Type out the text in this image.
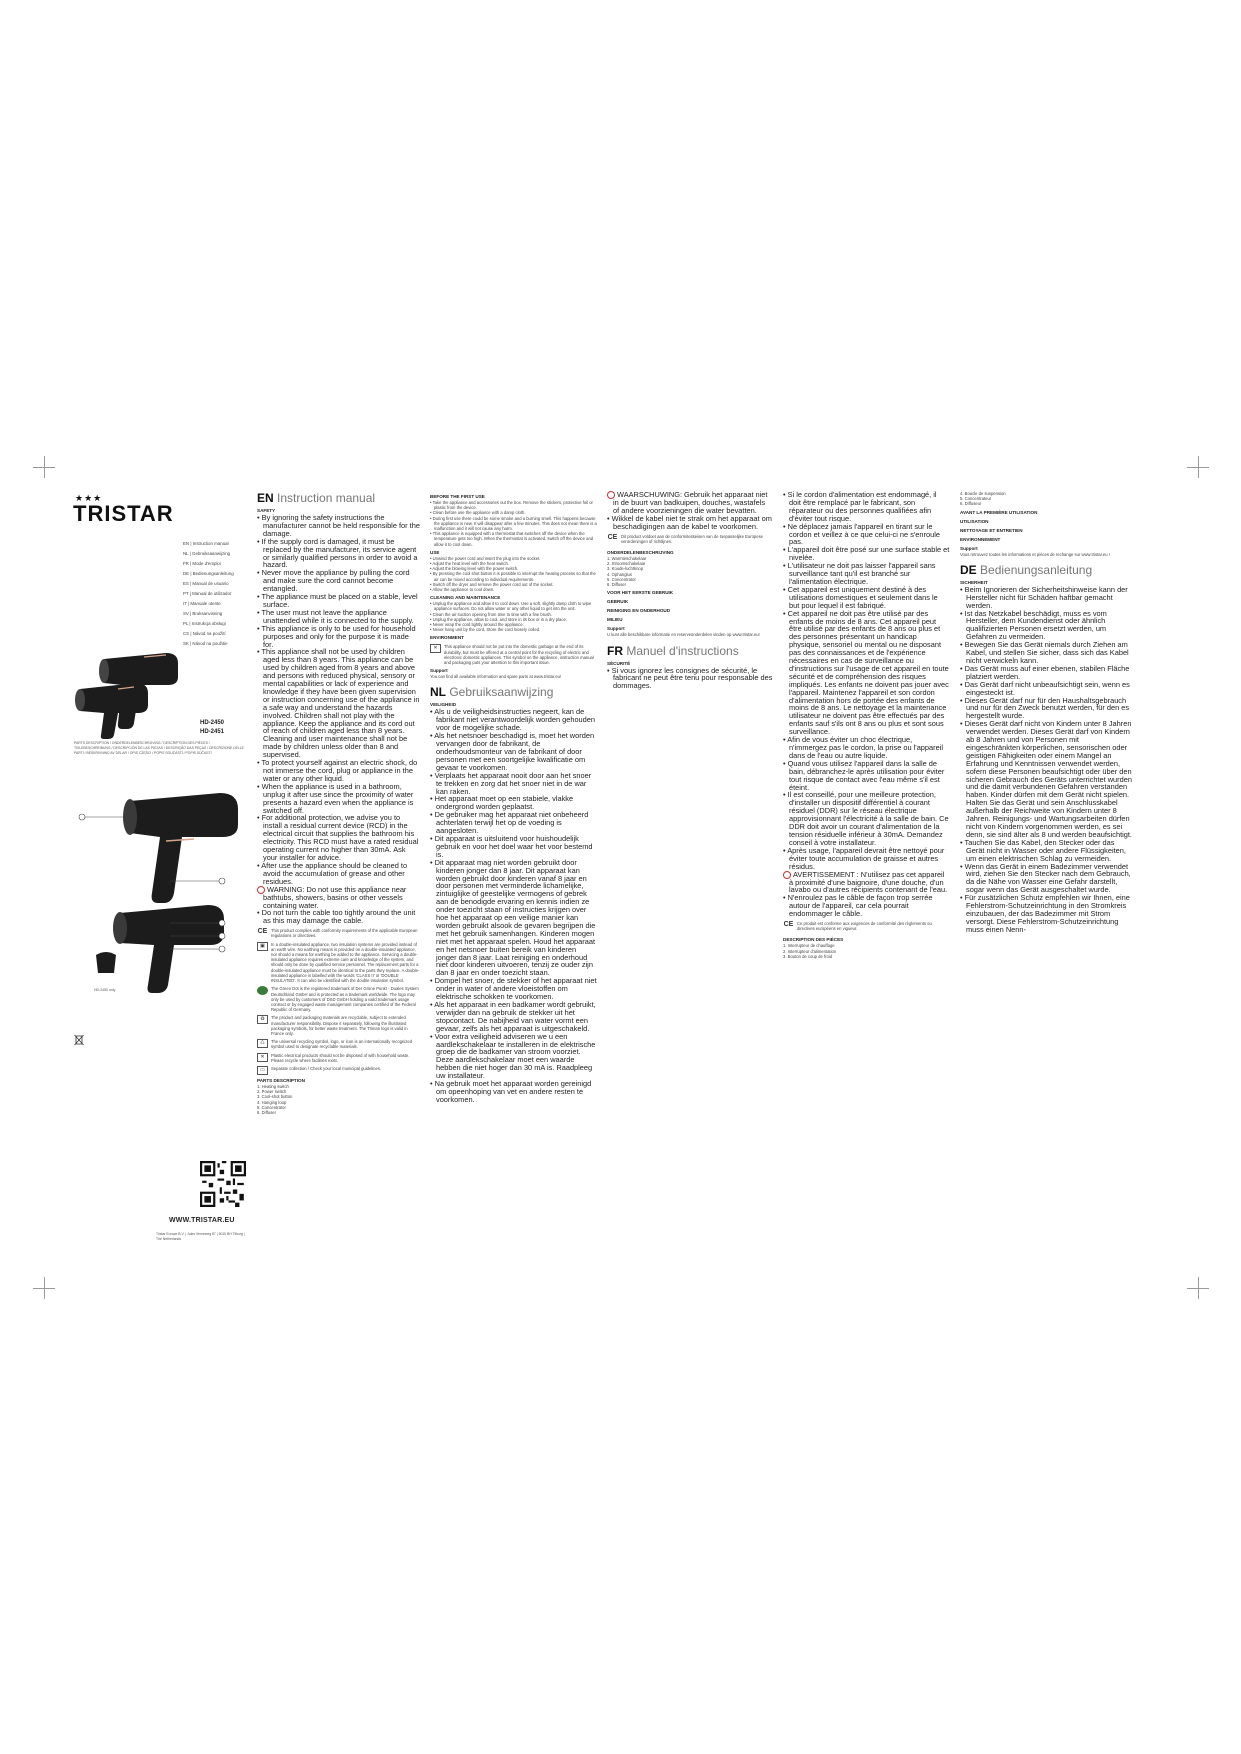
★★★
TRISTAR
EN | Instruction manual
NL | Gebruiksaanwijzing
FR | Mode d'emploi
DE | Bedienungsanleitung
ES | Manual de usuario
PT | Manual de utilizador
IT | Manuale utente
SV | Bruksanvisning
PL | Instrukcja obsługi
CS | Návod na použití
SK | Návod na použitie
HD-2450
HD-2451
PARTS DESCRIPTION / ONDERDELENBESCHRIJVING / DESCRIPTION DES PIÈCES / TEILEBESCHREIBUNG / DESCRIPCIÓN DE LAS PIEZAS / DESCRIÇÃO DAS PEÇAS / DESCRIZIONE DELLE PARTI / BESKRIVNING AV DELAR / OPIS CZĘŚCI / POPIS SOUČÁSTÍ / POPIS SÚČASTÍ
HD-2450 only
WWW.TRISTAR.EU
Tristar Europe B.V. | Jules Verneweg 87 | 5015 BH Tilburg | The Netherlands
EN Instruction manual
SAFETY
• By ignoring the safety instructions the manufacturer cannot be held responsible for the damage.
• If the supply cord is damaged, it must be replaced by the manufacturer, its service agent or similarly qualified persons in order to avoid a hazard.
• Never move the appliance by pulling the cord and make sure the cord cannot become entangled.
• The appliance must be placed on a stable, level surface.
• The user must not leave the appliance unattended while it is connected to the supply.
• This appliance is only to be used for household purposes and only for the purpose it is made for.
• This appliance shall not be used by children aged less than 8 years. This appliance can be used by children aged from 8 years and above and persons with reduced physical, sensory or mental capabilities or lack of experience and knowledge if they have been given supervision or instruction concerning use of the appliance in a safe way and understand the hazards involved. Children shall not play with the appliance. Keep the appliance and its cord out of reach of children aged less than 8 years. Cleaning and user maintenance shall not be made by children unless older than 8 and supervised.
• To protect yourself against an electric shock, do not immerse the cord, plug or appliance in the water or any other liquid.
• When the appliance is used in a bathroom, unplug it after use since the proximity of water presents a hazard even when the appliance is switched off.
• For additional protection, we advise you to install a residual current device (RCD) in the electrical circuit that supplies the bathroom his electricity. This RCD must have a rated residual operating current no higher than 30mA. Ask your installer for advice.
• After use the appliance should be cleaned to avoid the accumulation of grease and other residues.
WARNING: Do not use this appliance near bathtubs, showers, basins or other vessels containing water.
• Do not turn the cable too tightly around the unit as this may damage the cable.
CE This product complies with conformity requirements of the applicable European regulations or directives.
▣	In a double-insulated appliance, two insulation systems are provided instead of an earth wire. No earthing means is provided on a double-insulated appliance, nor should a means for earthing be added to the appliance. Servicing a double-insulated appliance requires extreme care and knowledge of the system, and should only be done by qualified service personnel. The replacement parts for a double-insulated appliance must be identical to the parts they replace. A double-insulated appliance is labelled with the words 'CLASS II' or 'DOUBLE INSULATED'. It can also be identified with the double insulation symbol.
The Green Dot is the registered trademark of Der Grüne Punkt - Duales System Deutschland GmbH and is protected as a trademark worldwide. The logo may only be used by customers of DSD GmbH holding a valid trademark usage contract or by engaged waste management companies certified of the Federal Republic of Germany.
♻	The product and packaging materials are recyclable, subject to extended manufacturer responsibility. Dispose it separately, following the illustrated packaging symbols, for better waste treatment. The Triman logo is valid in France only.
♺	The universal recycling symbol, logo, or icon is an internationally recognized symbol used to designate recyclable materials.
✕	Plastic electrical products should not be disposed of with household waste. Please recycle where facilities exist.
▭	Separate collection / Check your local municipal guidelines.
PARTS DESCRIPTION
1. Heating switch
2. Power switch
3. Cool-shot button
4. Hanging loop
5. Concentrator
6. Diffuser
BEFORE THE FIRST USE
• Take the appliance and accessories out the box. Remove the stickers, protective foil or plastic from the device.
• Clean before use the appliance with a damp cloth.
• During first use there could be some smoke and a burning smell. This happens because the appliance is new. It will disappear after a few minutes. This does not mean there is a malfunction and it will not cause any harm.
• This appliance is equipped with a thermostat that switches off the device when the temperature gets too high. When the thermostat is activated, switch off the device and allow it to cool down.
USE
• Unwind the power cord and insert the plug into the socket.
• Adjust the heat level with the heat switch.
• Adjust the blowing level with the power switch.
• By pressing the cool shot button it is possible to interrupt the heating process so that the air can be mixed according to individual requirements.
• Switch off the dryer and remove the power cord out of the socket.
• Allow the appliance to cool down.
CLEANING AND MAINTENANCE
• Unplug the appliance and allow it to cool down. Use a soft, slightly damp cloth to wipe appliance surfaces. Do not allow water or any other liquid to get into the unit.
• Clean the air suction opening from time to time with a fine brush.
• Unplug the appliance, allow to cool, and store in its box or in a dry place.
• Never wrap the cord tightly around the appliance.
• Never hang unit by the cord. Store the cord loosely coiled.
ENVIRONMENT
✕	This appliance should not be put into the domestic garbage at the end of its durability, but must be offered at a central point for the recycling of electric and electronic domestic appliances. This symbol on the appliance, instruction manual and packaging puts your attention to this important issue.
Support
You can find all available information and spare parts at www.tristar.eu!
NL Gebruiksaanwijzing
VEILIGHEID
• Als u de veiligheidsinstructies negeert, kan de fabrikant niet verantwoordelijk worden gehouden voor de mogelijke schade.
• Als het netsnoer beschadigd is, moet het worden vervangen door de fabrikant, de onderhoudsmonteur van de fabrikant of door personen met een soortgelijke kwalificatie om gevaar te voorkomen.
• Verplaats het apparaat nooit door aan het snoer te trekken en zorg dat het snoer niet in de war kan raken.
• Het apparaat moet op een stabiele, vlakke ondergrond worden geplaatst.
• De gebruiker mag het apparaat niet onbeheerd achterlaten terwijl het op de voeding is aangesloten.
• Dit apparaat is uitsluitend voor huishoudelijk gebruik en voor het doel waar het voor bestemd is.
• Dit apparaat mag niet worden gebruikt door kinderen jonger dan 8 jaar. Dit apparaat kan worden gebruikt door kinderen vanaf 8 jaar en door personen met verminderde lichamelijke, zintuiglijke of geestelijke vermogens of gebrek aan de benodigde ervaring en kennis indien ze onder toezicht staan of instructies krijgen over hoe het apparaat op een veilige manier kan worden gebruikt alsook de gevaren begrijpen die met het gebruik samenhangen. Kinderen mogen niet met het apparaat spelen. Houd het apparaat en het netsnoer buiten bereik van kinderen jonger dan 8 jaar. Laat reiniging en onderhoud niet door kinderen uitvoeren, tenzij ze ouder zijn dan 8 jaar en onder toezicht staan.
• Dompel het snoer, de stekker of het apparaat niet onder in water of andere vloeistoffen om elektrische schokken te voorkomen.
• Als het apparaat in een badkamer wordt gebruikt, verwijder dan na gebruik de stekker uit het stopcontact. De nabijheid van water vormt een gevaar, zelfs als het apparaat is uitgeschakeld.
• Voor extra veiligheid adviseren we u een aardlekschakelaar te installeren in de elektrische groep die de badkamer van stroom voorziet. Deze aardlekschakelaar moet een waarde hebben die niet hoger dan 30 mA is. Raadpleeg uw installateur.
• Na gebruik moet het apparaat worden gereinigd om opeenhoping van vet en andere resten te voorkomen.
WAARSCHUWING: Gebruik het apparaat niet in de buurt van badkuipen, douches, wastafels of andere voorzieningen die water bevatten.
• Wikkel de kabel niet te strak om het apparaat om beschadigingen aan de kabel te voorkomen.
CE Dit product voldoet aan de conformiteitseisen van de toepasselijke Europese verordeningen of richtlijnen.
ONDERDELENBESCHRIJVING
1. Warmteschakelaar
2. Stroomschakelaar
3. Koude-luchtknop
4. Ophanglus
5. Concentrator
6. Diffuser
VOOR HET EERSTE GEBRUIK
GEBRUIK
REINIGING EN ONDERHOUD
MILIEU
Support
U kunt alle beschikbare informatie en reserveonderdelen vinden op www.tristar.eu!
FR Manuel d'instructions
SÉCURITÉ
• Si vous ignorez les consignes de sécurité, le fabricant ne peut être tenu pour responsable des dommages.
• Si le cordon d'alimentation est endommagé, il doit être remplacé par le fabricant, son réparateur ou des personnes qualifiées afin d'éviter tout risque.
• Ne déplacez jamais l'appareil en tirant sur le cordon et veillez à ce que celui-ci ne s'enroule pas.
• L'appareil doit être posé sur une surface stable et nivelée.
• L'utilisateur ne doit pas laisser l'appareil sans surveillance tant qu'il est branché sur l'alimentation électrique.
• Cet appareil est uniquement destiné à des utilisations domestiques et seulement dans le but pour lequel il est fabriqué.
• Cet appareil ne doit pas être utilisé par des enfants de moins de 8 ans. Cet appareil peut être utilisé par des enfants de 8 ans ou plus et des personnes présentant un handicap physique, sensoriel ou mental ou ne disposant pas des connaissances et de l'expérience nécessaires en cas de surveillance ou d'instructions sur l'usage de cet appareil en toute sécurité et de compréhension des risques impliqués. Les enfants ne doivent pas jouer avec l'appareil. Maintenez l'appareil et son cordon d'alimentation hors de portée des enfants de moins de 8 ans. Le nettoyage et la maintenance utilisateur ne doivent pas être effectués par des enfants sauf s'ils ont 8 ans ou plus et sont sous surveillance.
• Afin de vous éviter un choc électrique, n'immergez pas le cordon, la prise ou l'appareil dans de l'eau ou autre liquide.
• Quand vous utilisez l'appareil dans la salle de bain, débranchez-le après utilisation pour éviter tout risque de contact avec l'eau même s'il est éteint.
• Il est conseillé, pour une meilleure protection, d'installer un dispositif différentiel à courant résiduel (DDR) sur le réseau électrique approvisionnant l'électricité à la salle de bain. Ce DDR doit avoir un courant d'alimentation de la tension résiduelle inférieur à 30mA. Demandez conseil à votre installateur.
• Après usage, l'appareil devrait être nettoyé pour éviter toute accumulation de graisse et autres résidus.
AVERTISSEMENT : N'utilisez pas cet appareil à proximité d'une baignoire, d'une douche, d'un lavabo ou d'autres récipients contenant de l'eau.
• N'enroulez pas le câble de façon trop serrée autour de l'appareil, car cela pourrait endommager le câble.
CE Ce produit est conforme aux exigences de conformité des règlements ou directives européens en vigueur.
DESCRIPTION DES PIÈCES
1. Interrupteur de chauffage
2. Interrupteur d'alimentation
3. Bouton de coup de froid
4. Boucle de suspension
5. Concentrateur
6. Diffuseur
AVANT LA PREMIÈRE UTILISATION
UTILISATION
NETTOYAGE ET ENTRETIEN
ENVIRONNEMENT
Support
Vous retrouvez toutes les informations et pièces de rechange sur www.tristar.eu !
DE Bedienungsanleitung
SICHERHEIT
• Beim Ignorieren der Sicherheitshinweise kann der Hersteller nicht für Schäden haftbar gemacht werden.
• Ist das Netzkabel beschädigt, muss es vom Hersteller, dem Kundendienst oder ähnlich qualifizierten Personen ersetzt werden, um Gefahren zu vermeiden.
• Bewegen Sie das Gerät niemals durch Ziehen am Kabel, und stellen Sie sicher, dass sich das Kabel nicht verwickeln kann.
• Das Gerät muss auf einer ebenen, stabilen Fläche platziert werden.
• Das Gerät darf nicht unbeaufsichtigt sein, wenn es eingesteckt ist.
• Dieses Gerät darf nur für den Haushaltsgebrauch und nur für den Zweck benutzt werden, für den es hergestellt wurde.
• Dieses Gerät darf nicht von Kindern unter 8 Jahren verwendet werden. Dieses Gerät darf von Kindern ab 8 Jahren und von Personen mit eingeschränkten körperlichen, sensorischen oder geistigen Fähigkeiten oder einem Mangel an Erfahrung und Kenntnissen verwendet werden, sofern diese Personen beaufsichtigt oder über den sicheren Gebrauch des Geräts unterrichtet wurden und die damit verbundenen Gefahren verstanden haben. Kinder dürfen mit dem Gerät nicht spielen. Halten Sie das Gerät und sein Anschlusskabel außerhalb der Reichweite von Kindern unter 8 Jahren. Reinigungs- und Wartungsarbeiten dürfen nicht von Kindern vorgenommen werden, es sei denn, sie sind älter als 8 und werden beaufsichtigt.
• Tauchen Sie das Kabel, den Stecker oder das Gerät nicht in Wasser oder andere Flüssigkeiten, um einen elektrischen Schlag zu vermeiden.
• Wenn das Gerät in einem Badezimmer verwendet wird, ziehen Sie den Stecker nach dem Gebrauch, da die Nähe von Wasser eine Gefahr darstellt, sogar wenn das Gerät ausgeschaltet wurde.
• Für zusätzlichen Schutz empfehlen wir Ihnen, eine Fehlerstrom-Schutzeinrichtung in den Stromkreis einzubauen, der das Badezimmer mit Strom versorgt. Diese Fehlerstrom-Schutzeinrichtung muss einen Nenn-
